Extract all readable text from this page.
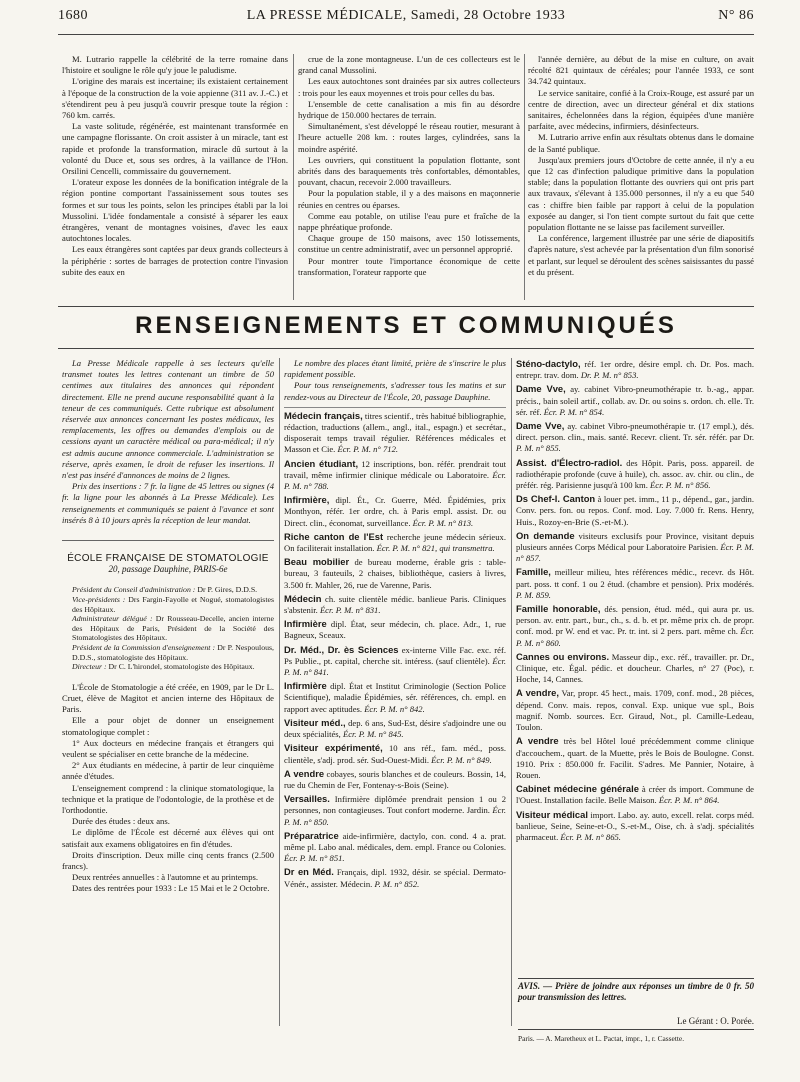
1680	LA PRESSE MÉDICALE, Samedi, 28 Octobre 1933	N° 86

M. Lutrario rappelle la célébrité de la terre romaine dans l'histoire et souligne le rôle qu'y joue le paludisme.

L'origine des marais est incertaine; ils existaient certainement à l'époque de la construction de la voie appienne (311 av. J.-C.) et s'étendirent peu à peu jusqu'à couvrir presque toute la région : 760 km. carrés.

La vaste solitude, régénérée, est maintenant transformée en une campagne florissante. On croit assister à un miracle, tant est rapide et profonde la transformation, miracle dû surtout à la volonté du Duce et, sous ses ordres, à la vaillance de l'Hon. Orsilini Cencelli, commissaire du gouvernement.

L'orateur expose les données de la bonification intégrale de la région pontine comportant l'assainissement sous toutes ses formes et sur tous les points, selon les principes établi par la loi Mussolini. L'idée fondamentale a consisté à séparer les eaux étrangères, venant de montagnes voisines, d'avec les eaux autochtones locales.

Les eaux étrangères sont captées par deux grands collecteurs à la périphérie : sortes de barrages de protection contre l'invasion subite des eaux en

crue de la zone montagneuse. L'un de ces collecteurs est le grand canal Mussolini.

Les eaux autochtones sont drainées par six autres collecteurs : trois pour les eaux moyennes et trois pour celles du bas.

L'ensemble de cette canalisation a mis fin au désordre hydrique de 150.000 hectares de terrain.

Simultanément, s'est développé le réseau routier, mesurant à l'heure actuelle 208 km. : routes larges, cylindrées, sans la moindre aspérité.

Les ouvriers, qui constituent la population flottante, sont abrités dans des baraquements très confortables, démontables, pouvant, chacun, recevoir 2.000 travailleurs.

Pour la population stable, il y a des maisons en maçonnerie réunies en centres ou éparses.

Comme eau potable, on utilise l'eau pure et fraîche de la nappe phréatique profonde.

Chaque groupe de 150 maisons, avec 150 lotissements, constitue un centre administratif, avec un personnel approprié.

Pour montrer toute l'importance économique de cette transformation, l'orateur rapporte que

l'année dernière, au début de la mise en culture, on avait récolté 821 quintaux de céréales; pour l'année 1933, ce sont 34.742 quintaux.

Le service sanitaire, confié à la Croix-Rouge, est assuré par un centre de direction, avec un directeur général et dix stations sanitaires, échelonnées dans la région, équipées d'une manière parfaite, avec médecins, infirmiers, désinfecteurs.

M. Lutrario arrive enfin aux résultats obtenus dans le domaine de la Santé publique.

Jusqu'aux premiers jours d'Octobre de cette année, il n'y a eu que 12 cas d'infection paludique primitive dans la population stable; dans la population flottante des ouvriers qui ont pris part aux travaux, s'élevant à 135.000 personnes, il n'y a eu que 540 cas : chiffre bien faible par rapport à celui de la population exposée au danger, si l'on tient compte surtout du fait que cette population flottante ne se laisse pas facilement surveiller.

La conférence, largement illustrée par une série de diapositifs d'après nature, s'est achevée par la présentation d'un film sonorisé et parlant, sur lequel se déroulent des scènes saisissantes du passé et du présent.

RENSEIGNEMENTS ET COMMUNIQUÉS

La Presse Médicale rappelle à ses lecteurs qu'elle transmet toutes les lettres contenant un timbre de 50 centimes aux titulaires des annonces qui répondent directement. Elle ne prend aucune responsabilité quant à la teneur de ces communiqués. Cette rubrique est absolument réservée aux annonces concernant les postes médicaux, les remplacements, les offres ou demandes d'emplois ou de cessions ayant un caractère médical ou para-médical; il n'y est admis aucune annonce commerciale. L'administration se réserve, après examen, le droit de refuser les insertions. Il n'est pas inséré d'annonces de moins de 2 lignes.

Prix des insertions : 7 fr. la ligne de 45 lettres ou signes (4 fr. la ligne pour les abonnés à La Presse Médicale). Les renseignements et communiqués se paient à l'avance et sont insérés 8 à 10 jours après la réception de leur mandat.

ÉCOLE FRANÇAISE DE STOMATOLOGIE
20, passage Dauphine, PARIS-6e

Président du Conseil d'administration : Dr P. Gires, D.D.S.

Vice-présidents : Drs Fargin-Fayolle et Nogué, stomatologistes des Hôpitaux.

Administrateur délégué : Dr Rousseau-Decelle, ancien interne des Hôpitaux de Paris, Président de la Société des Stomatologistes des Hôpitaux.

Président de la Commission d'enseignement : Dr P. Nespoulous, D.D.S., stomatologiste des Hôpitaux.

Directeur : Dr C. L'hirondel, stomatologiste des Hôpitaux.

L'École de Stomatologie a été créée, en 1909, par le Dr L. Cruet, élève de Magitot et ancien interne des Hôpitaux de Paris.

Elle a pour objet de donner un enseignement stomatologique complet :

1° Aux docteurs en médecine français et étrangers qui veulent se spécialiser en cette branche de la médecine.

2° Aux étudiants en médecine, à partir de leur cinquième année d'études.

L'enseignement comprend : la clinique stomatologique, la technique et la pratique de l'odontologie, de la prothèse et de l'orthodontie.

Durée des études : deux ans.

Le diplôme de l'École est décerné aux élèves qui ont satisfait aux examens obligatoires en fin d'études.

Droits d'inscription. Deux mille cinq cents francs (2.500 francs).

Deux rentrées annuelles : à l'automne et au printemps.

Dates des rentrées pour 1933 : Le 15 Mai et le 2 Octobre.

Le nombre des places étant limité, prière de s'inscrire le plus rapidement possible.

Pour tous renseignements, s'adresser tous les matins et sur rendez-vous au Directeur de l'École, 20, passage Dauphine.

Médecin français, titres scientif., très habitué bibliographie, rédaction, traductions (allem., angl., ital., espagn.) et secrétar., disposerait temps travail régulier. Références médicales et Masson et Cie. Écr. P. M. n° 712.

Ancien étudiant, 12 inscriptions, bon. référ. prendrait tout travail, même infirmier clinique médicale ou Laboratoire. Écr. P. M. n° 788.

Infirmière, dipl. Ét., Cr. Guerre, Méd. Épidémies, prix Monthyon, référ. 1er ordre, ch. à Paris empl. assist. Dr. ou Direct. clin., économat, surveillance. Écr. P. M. n° 813.

Riche canton de l'Est recherche jeune médecin sérieux. On faciliterait installation. Écr. P. M. n° 821, qui transmettra.

Beau mobilier de bureau moderne, érable gris : table-bureau, 3 fauteuils, 2 chaises, bibliothèque, casiers à livres, 3.500 fr. Mahler, 26, rue de Varenne, Paris.

Médecin ch. suite clientèle médic. banlieue Paris. Cliniques s'abstenir. Écr. P. M. n° 831.

Infirmière dipl. État, seur médecin, ch. place. Adr., 1, rue Bagneux, Sceaux.

Dr. Méd., Dr. ès Sciences ex-interne Ville Fac. exc. réf. Ps Publie., pt. capital, cherche sit. intéress. (sauf clientèle). Écr. P. M. n° 841.

Infirmière dipl. État et Institut Criminologie (Section Police Scientifique), maladie Épidémies, sér. références, ch. empl. en rapport avec aptitudes. Écr. P. M. n° 842.

Visiteur méd., dep. 6 ans, Sud-Est, désire s'adjoindre une ou deux spécialités, Écr. P. M. n° 845.

Visiteur expérimenté, 10 ans réf., fam. méd., poss. clientèle, s'adj. prod. sér. Sud-Ouest-Midi. Écr. P. M. n° 849.

A vendre cobayes, souris blanches et de couleurs. Bossin, 14, rue du Chemin de Fer, Fontenay-s-Bois (Seine).

Versailles. Infirmière diplômée prendrait pension 1 ou 2 personnes, non contagieuses. Tout confort moderne. Jardin. Écr. P. M. n° 850.

Préparatrice aide-infirmière, dactylo, con. cond. 4 a. prat. même pl. Labo anal. médicales, dem. empl. France ou Colonies. Écr. P. M. n° 851.

Dr en Méd. Français, dipl. 1932, désir. se spécial. Dermato-Vénér., assister. Médecin. P. M. n° 852.

Sténo-dactylo, réf. 1er ordre, désire empl. ch. Dr. Pos. mach. entrepr. trav. dom. Dr. P. M. n° 853.

Dame Vve, ay. cabinet Vibro-pneumothérapie tr. b.-ag., appar. précis., bain soleil artif., collab. av. Dr. ou soins s. ordon. ch. elle. Tr. sér. réf. Écr. P. M. n° 854.

Dame Vve, ay. cabinet Vibro-pneumothérapie tr. (17 empl.), dés. direct. person. clin., mais. santé. Recevr. client. Tr. sér. référ. par Dr. P. M. n° 855.

Assist. d'Électro-radiol. des Hôpit. Paris, poss. appareil. de radiothérapie profonde (cuve à huile), ch. assoc. av. chir. ou clin., de préfér. rég. Parisienne jusqu'à 100 km. Écr. P. M. n° 856.

Ds Chef-l. Canton à louer pet. imm., 11 p., dépend., gar., jardin. Conv. pers. fon. ou repos. Conf. mod. Loy. 7.000 fr. Rens. Henry, Huis., Rozoy-en-Brie (S.-et-M.).

On demande visiteurs exclusifs pour Province, visitant depuis plusieurs années Corps Médical pour Laboratoire Parisien. Écr. P. M. n° 857.

Famille, meilleur milieu, htes références médic., recevr. ds Hôt. part. poss. tt conf. 1 ou 2 étud. (chambre et pension). Prix modérés. P. M. 859.

Famille honorable, dés. pension, étud. méd., qui aura pr. us. person. av. entr. part., bur., ch., s. d. b. et pr. même prix ch. de propr. conf. mod. pr W. end et vac. Pr. tr. int. si 2 pers. part. même ch. Écr. P. M. n° 860.

Cannes ou environs. Masseur dip., exc. réf., travailler. pr. Dr., Clinique, etc. Égal. pédic. et doucheur. Charles, n° 27 (Poc), r. Hoche, 14, Cannes.

A vendre, Var, propr. 45 hect., mais. 1709, conf. mod., 28 pièces, dépend. Conv. mais. repos, conval. Exp. unique vue spl., Bois magnif. Nomb. sources. Ecr. Giraud, Not., pl. Camille-Ledeau, Toulon.

A vendre très bel Hôtel loué précédemment comme clinique d'accouchem., quart. de la Muette, près le Bois de Boulogne. Const. 1910. Prix : 850.000 fr. Facilit. S'adres. Me Pannier, Notaire, à Rouen.

Cabinet médecine générale à créer ds import. Commune de l'Ouest. Installation facile. Belle Maison. Écr. P. M. n° 864.

Visiteur médical import. Labo. ay. auto, excell. relat. corps méd. banlieue, Seine, Seine-et-O., S.-et-M., Oise, ch. à s'adj. spécialités pharmaceut. Écr. P. M. n° 865.

AVIS. — Prière de joindre aux réponses un timbre de 0 fr. 50 pour transmission des lettres.
Le Gérant : O. Porée.
Paris. — A. Maretheux et L. Pactat, impr., 1, r. Cassette.
